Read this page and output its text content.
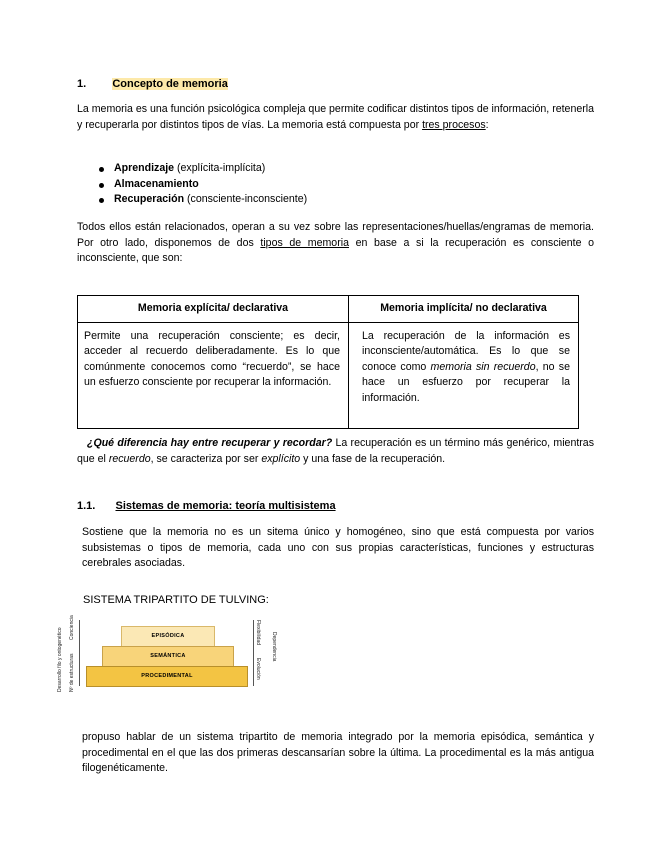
1. Concepto de memoria
La memoria es una función psicológica compleja que permite codificar distintos tipos de información, retenerla y recuperarla por distintos tipos de vías. La memoria está compuesta por tres procesos:
Aprendizaje (explícita-implícita)
Almacenamiento
Recuperación (consciente-inconsciente)
Todos ellos están relacionados, operan a su vez sobre las representaciones/huellas/engramas de memoria. Por otro lado, disponemos de dos tipos de memoria en base a si la recuperación es consciente o inconsciente, que son:
Memoria explícita/ declarativa	Memoria implícita/ no declarativa
Permite una recuperación consciente; es decir, acceder al recuerdo deliberadamente. Es lo que comúnmente conocemos como “recuerdo”, se hace un esfuerzo consciente por recuperar la información.	La recuperación de la información es inconsciente/automática. Es lo que se conoce como memoria sin recuerdo, no se hace un esfuerzo por recuperar la información.
¿Qué diferencia hay entre recuperar y recordar? La recuperación es un término más genérico, mientras que el recuerdo, se caracteriza por ser explícito y una fase de la recuperación.
1.1. Sistemas de memoria: teoría multisistema
Sostiene que la memoria no es un sitema único y homogéneo, sino que está compuesta por varios subsistemas o tipos de memoria, cada uno con sus propias características, funciones y estructuras cerebrales asociadas.
SISTEMA TRIPARTITO DE TULVING:
EPISÓDICA
SEMÁNTICA
PROCEDIMENTAL
Desarrollo filo y ontogenético Conciencia
Nº de estructuras
Dependencia
Flexibilidad
Evolución
propuso hablar de un sistema tripartito de memoria integrado por la memoria episódica, semántica y procedimental en el que las dos primeras descansarían sobre la última. La procedimental es la más antigua filogenéticamente.
